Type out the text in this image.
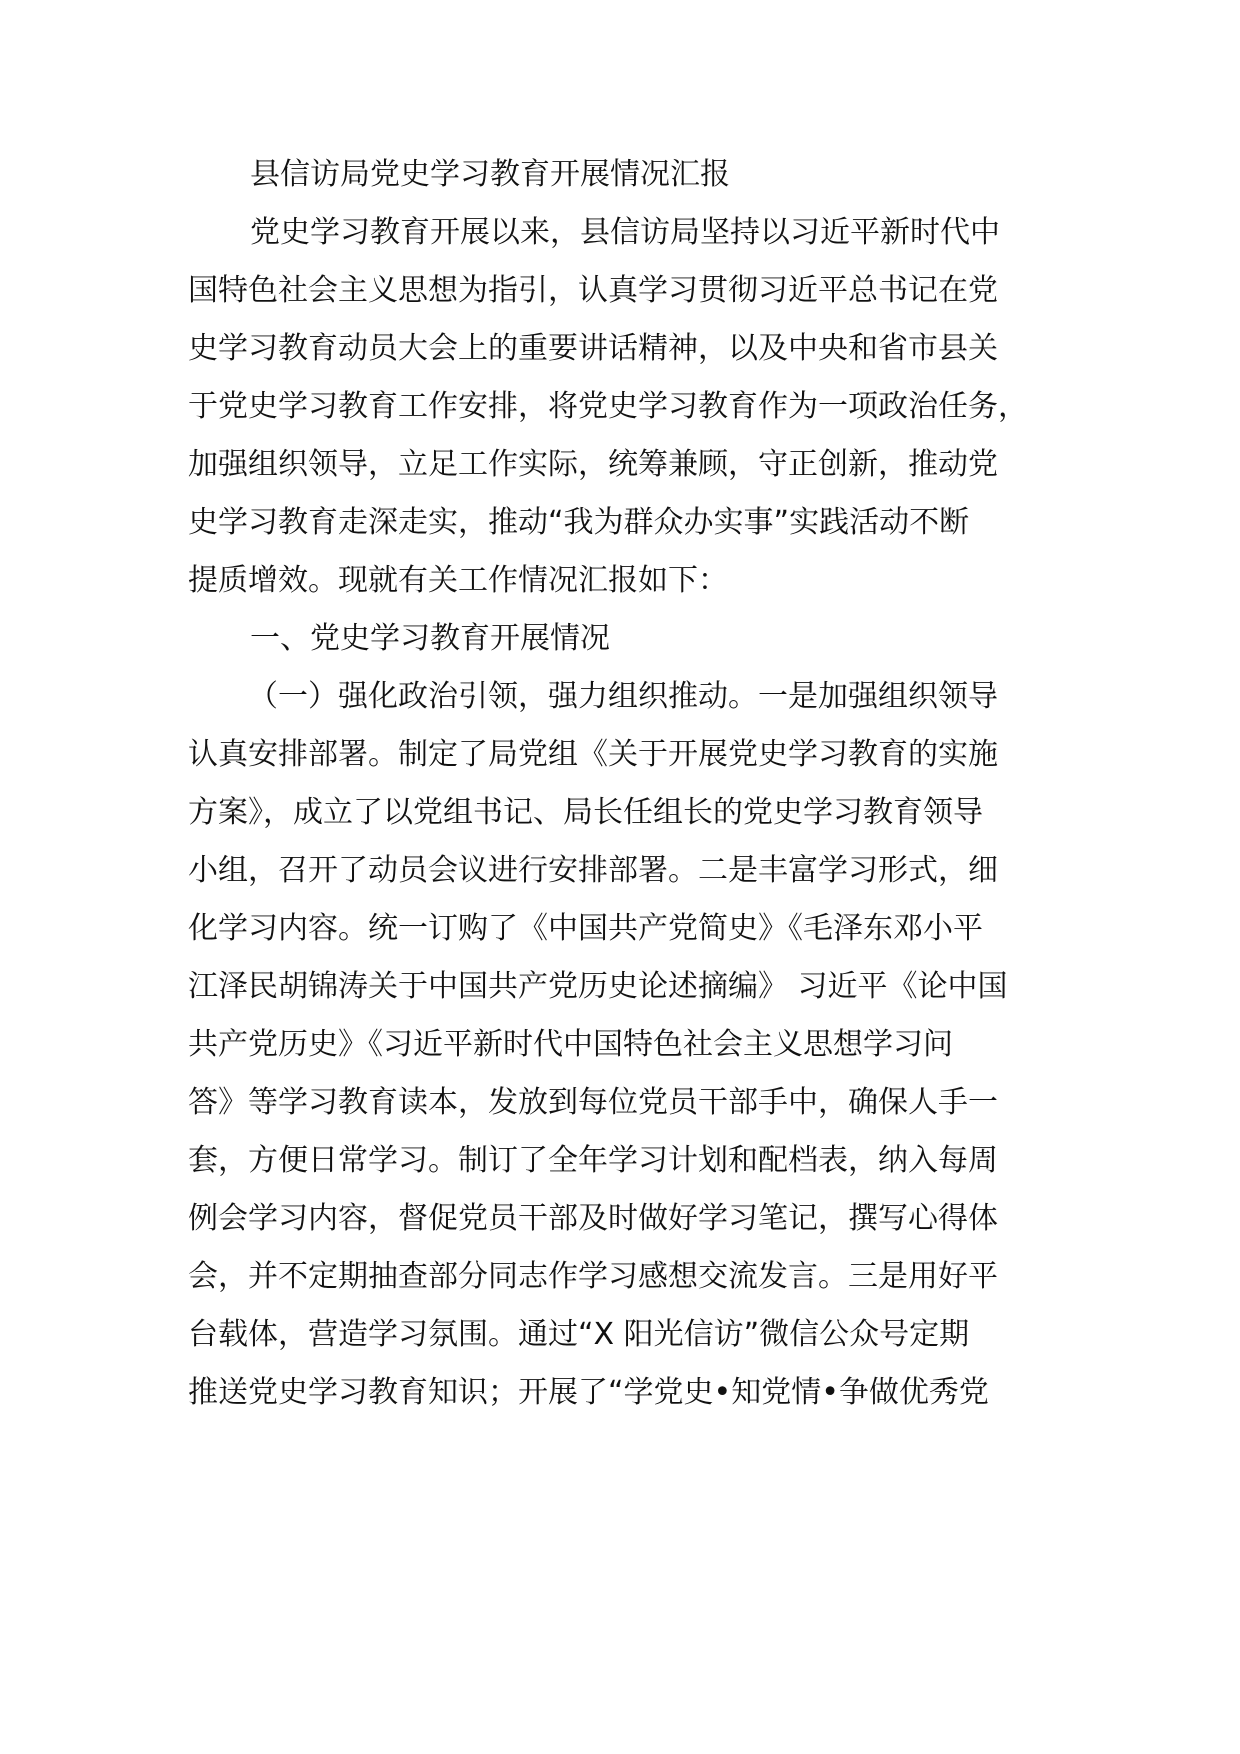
县信访局党史学习教育开展情况汇报

党史学习教育开展以来，县信访局坚持以习近平新时代中

国特色社会主义思想为指引，认真学习贯彻习近平总书记在党

史学习教育动员大会上的重要讲话精神，以及中央和省市县关

于党史学习教育工作安排，将党史学习教育作为一项政治任务，

加强组织领导，立足工作实际，统筹兼顾，守正创新，推动党

史学习教育走深走实，推动“我为群众办实事”实践活动不断

提质增效。现就有关工作情况汇报如下：

一、党史学习教育开展情况

（一）强化政治引领，强力组织推动。一是加强组织领导

认真安排部署。制定了局党组《关于开展党史学习教育的实施

方案》，成立了以党组书记、局长任组长的党史学习教育领导

小组，召开了动员会议进行安排部署。二是丰富学习形式，细

化学习内容。统一订购了《中国共产党简史》《毛泽东邓小平

江泽民胡锦涛关于中国共产党历史论述摘编》 习近平《论中国

共产党历史》《习近平新时代中国特色社会主义思想学习问

答》等学习教育读本，发放到每位党员干部手中，确保人手一

套，方便日常学习。制订了全年学习计划和配档表，纳入每周

例会学习内容，督促党员干部及时做好学习笔记，撰写心得体

会，并不定期抽查部分同志作学习感想交流发言。三是用好平

台载体，营造学习氛围。通过“X 阳光信访”微信公众号定期

推送党史学习教育知识；开展了“学党史•知党情•争做优秀党
